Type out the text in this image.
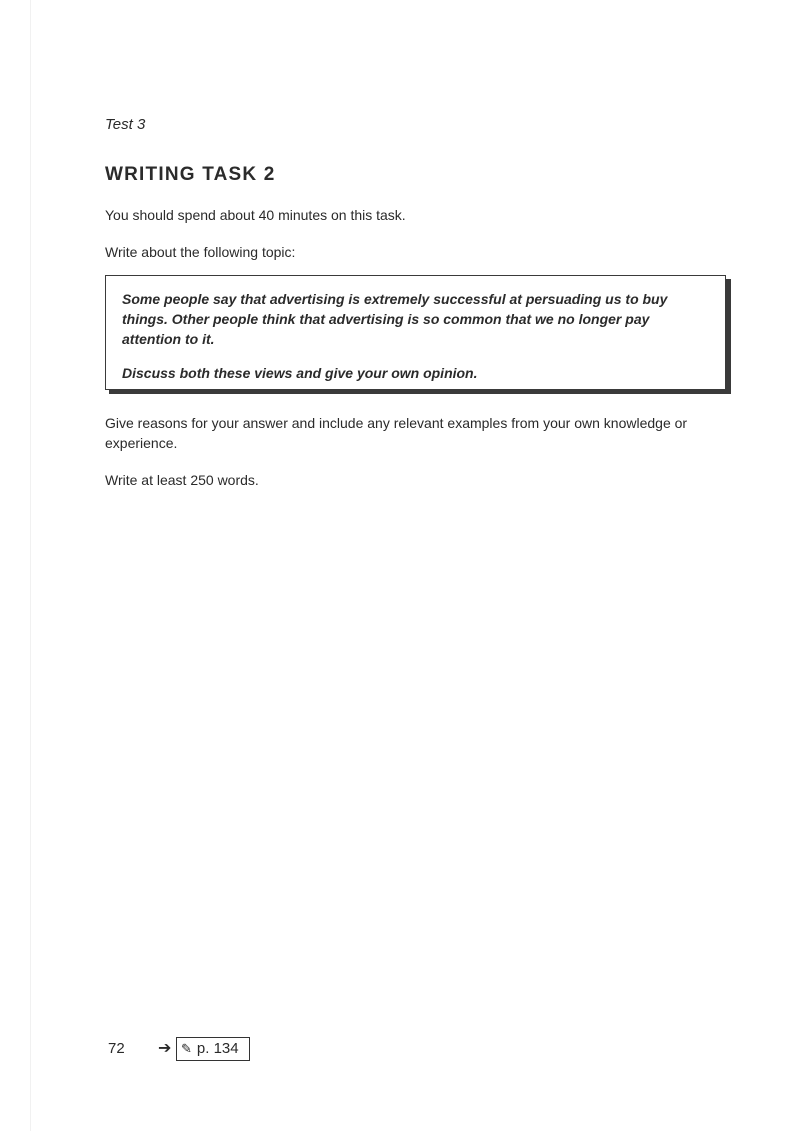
Test 3
WRITING TASK 2
You should spend about 40 minutes on this task.
Write about the following topic:
Some people say that advertising is extremely successful at persuading us to buy things. Other people think that advertising is so common that we no longer pay attention to it.
Discuss both these views and give your own opinion.
Give reasons for your answer and include any relevant examples from your own knowledge or experience.
Write at least 250 words.
72 ➔ ✎ p. 134
